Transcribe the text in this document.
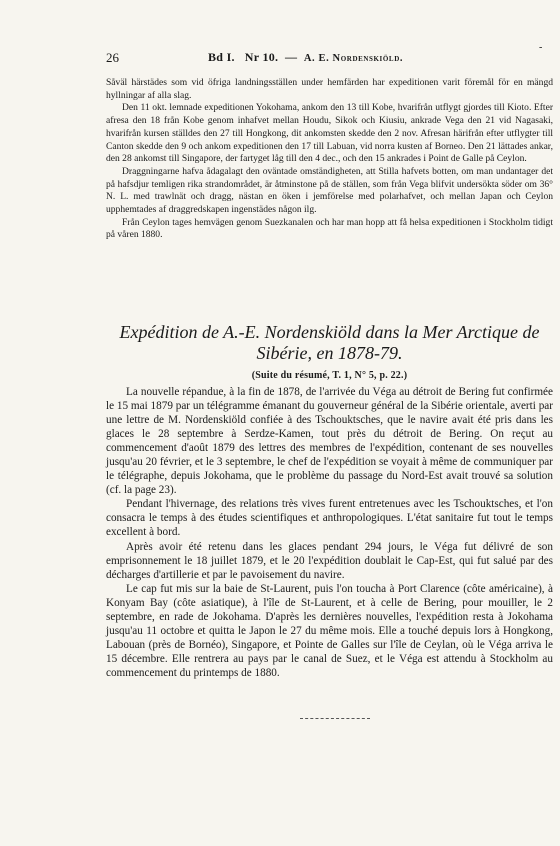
26	Bd I. Nr 10. — A. E. Nordenskiöld.
-

Såväl härstädes som vid öfriga landningsställen under hemfärden har expeditionen varit föremål för en mängd hyllningar af alla slag.

Den 11 okt. lemnade expeditionen Yokohama, ankom den 13 till Kobe, hvarifrån utflygt gjordes till Kioto. Efter afresa den 18 från Kobe genom inhafvet mellan Houdu, Sikok och Kiusiu, ankrade Vega den 21 vid Nagasaki, hvarifrån kursen ställdes den 27 till Hongkong, dit ankomsten skedde den 2 nov. Afresan härifrån efter utflygter till Canton skedde den 9 och ankom expeditionen den 17 till Labuan, vid norra kusten af Borneo. Den 21 lättades ankar, den 28 ankomst till Singapore, der fartyget låg till den 4 dec., och den 15 ankrades i Point de Galle på Ceylon.

Draggningarne hafva ådagalagt den oväntade omständigheten, att Stilla hafvets botten, om man undantager det på hafsdjur temligen rika strandområdet, är åtminstone på de ställen, som från Vega blifvit undersökta söder om 36° N. L. med trawlnät och dragg, nästan en öken i jemförelse med polarhafvet, och mellan Japan och Ceylon upphemtades af draggredskapen ingenstädes någon ilg.

Från Ceylon tages hemvägen genom Suezkanalen och har man hopp att få helsa expeditionen i Stockholm tidigt på våren 1880.

Expédition de A.-E. Nordenskiöld dans la Mer Arctique de
Sibérie, en 1878-79.
(Suite du résumé, T. 1, N° 5, p. 22.)

La nouvelle répandue, à la fin de 1878, de l'arrivée du Véga au détroit de Bering fut confirmée le 15 mai 1879 par un télégramme émanant du gouverneur général de la Sibérie orientale, averti par une lettre de M. Nordenskiöld confiée à des Tschouktsches, que le navire avait été pris dans les glaces le 28 septembre à Serdze-Kamen, tout près du détroit de Bering. On reçut au commencement d'août 1879 des lettres des membres de l'expédition, contenant de ses nouvelles jusqu'au 20 février, et le 3 septembre, le chef de l'expédition se voyait à même de communiquer par le télégraphe, depuis Jokohama, que le problème du passage du Nord-Est avait trouvé sa solution (cf. la page 23).

Pendant l'hivernage, des relations très vives furent entretenues avec les Tschouktsches, et l'on consacra le temps à des études scientifiques et anthropologiques. L'état sanitaire fut tout le temps excellent à bord.

Après avoir été retenu dans les glaces pendant 294 jours, le Véga fut délivré de son emprisonnement le 18 juillet 1879, et le 20 l'expédition doublait le Cap-Est, qui fut salué par des décharges d'artillerie et par le pavoisement du navire.

Le cap fut mis sur la baie de St-Laurent, puis l'on toucha à Port Clarence (côte américaine), à Konyam Bay (côte asiatique), à l'île de St-Laurent, et à celle de Bering, pour mouiller, le 2 septembre, en rade de Jokohama. D'après les dernières nouvelles, l'expédition resta à Jokohama jusqu'au 11 octobre et quitta le Japon le 27 du même mois. Elle a touché depuis lors à Hongkong, Labouan (près de Bornéo), Singapore, et Pointe de Galles sur l'île de Ceylan, où le Véga arriva le 15 décembre. Elle rentrera au pays par le canal de Suez, et le Véga est attendu à Stockholm au commencement du printemps de 1880.
